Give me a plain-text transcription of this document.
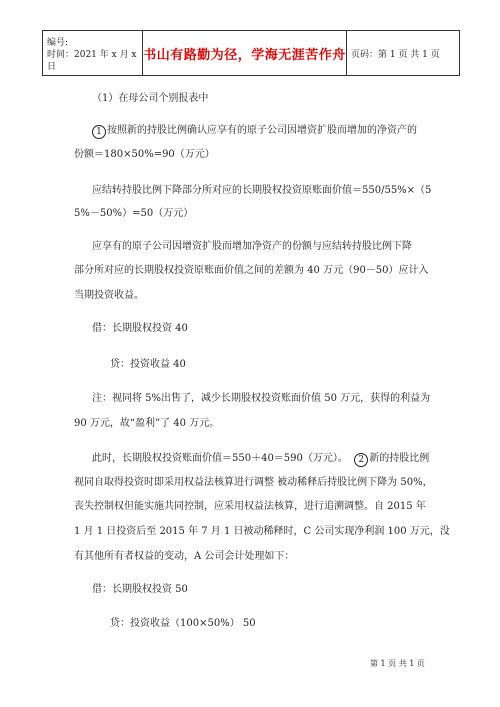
编号:
时间：2021 年 x 月 x 日
书山有路勤为径，学海无涯苦作舟 页码：第 1 页 共 1 页
（1）在母公司个别报表中
1 按照新的持股比例确认应享有的原子公司因增资扩股而增加的净资产的
份额＝180×50%=90（万元）
应结转持股比例下降部分所对应的长期股权投资原账面价值＝550/55%×（5
5%－50%）=50（万元）
应享有的原子公司因增资扩股而增加净资产的份额与应结转持股比例下降
部分所对应的长期股权投资原账面价值之间的差额为 40 万元（90－50）应计入
当期投资收益。
借：长期股权投资 40
贷：投资收益 40
注：视同将 5%出售了，减少长期股权投资账面价值 50 万元，获得的利益为
90 万元，故“盈利”了 40 万元。
此时，长期股权投资账面价值＝550＋40＝590（万元）。 2 新的持股比例
视同自取得投资时即采用权益法核算进行调整 被动稀释后持股比例下降为 50%，
丧失控制权但能实施共同控制，应采用权益法核算，进行追溯调整。自 2015 年
1 月 1 日投资后至 2015 年 7 月 1 日被动稀释时，C 公司实现净利润 100 万元，没
有其他所有者权益的变动，A 公司会计处理如下：
借：长期股权投资 50
贷：投资收益（100×50%） 50
第 1 页 共 1 页
